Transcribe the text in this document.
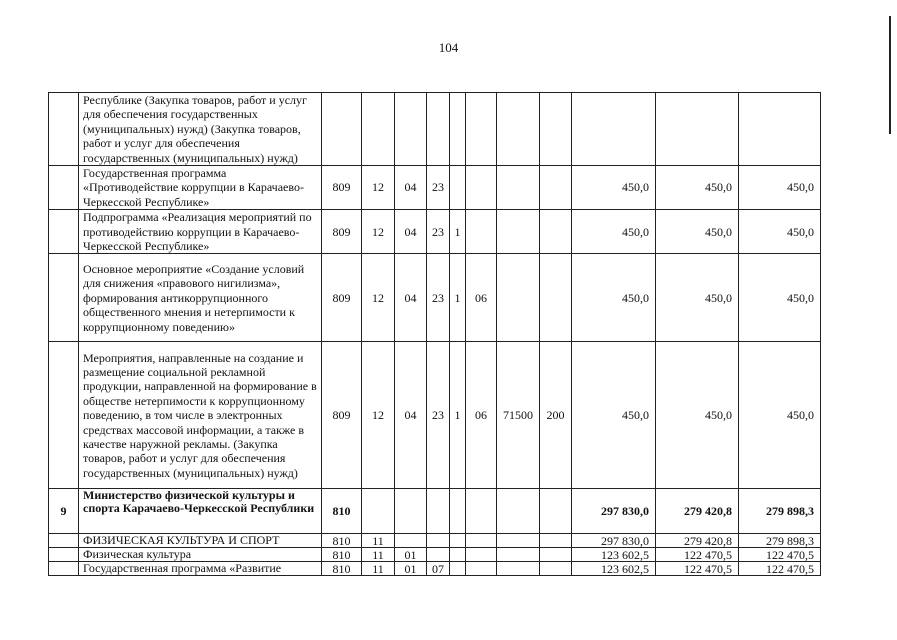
104
	Республике (Закупка товаров, работ и услуг для обеспечения государственных (муниципальных) нужд) (Закупка товаров, работ и услуг для обеспечения государственных (муниципальных) нужд)											
	Государственная программа «Противодействие коррупции в Карачаево-Черкесской Республике»	809	12	04	23					450,0	450,0	450,0
	Подпрограмма «Реализация мероприятий по противодействию коррупции в Карачаево-Черкесской Республике»	809	12	04	23	1				450,0	450,0	450,0
	Основное мероприятие «Создание условий для снижения «правового нигилизма», формирования антикоррупционного общественного мнения и нетерпимости к коррупционному поведению»	809	12	04	23	1	06			450,0	450,0	450,0
	Мероприятия, направленные на создание и размещение социальной рекламной продукции, направленной на формирование в обществе нетерпимости к коррупционному поведению, в том числе в электронных средствах массовой информации, а также в качестве наружной рекламы. (Закупка товаров, работ и услуг для обеспечения государственных (муниципальных) нужд)	809	12	04	23	1	06	71500	200	450,0	450,0	450,0
9	Министерство физической культуры и спорта Карачаево-Черкесской Республики	810								297 830,0	279 420,8	279 898,3
	ФИЗИЧЕСКАЯ КУЛЬТУРА И СПОРТ	810	11							297 830,0	279 420,8	279 898,3
	Физическая культура	810	11	01						123 602,5	122 470,5	122 470,5
	Государственная программа «Развитие	810	11	01	07					123 602,5	122 470,5	122 470,5
